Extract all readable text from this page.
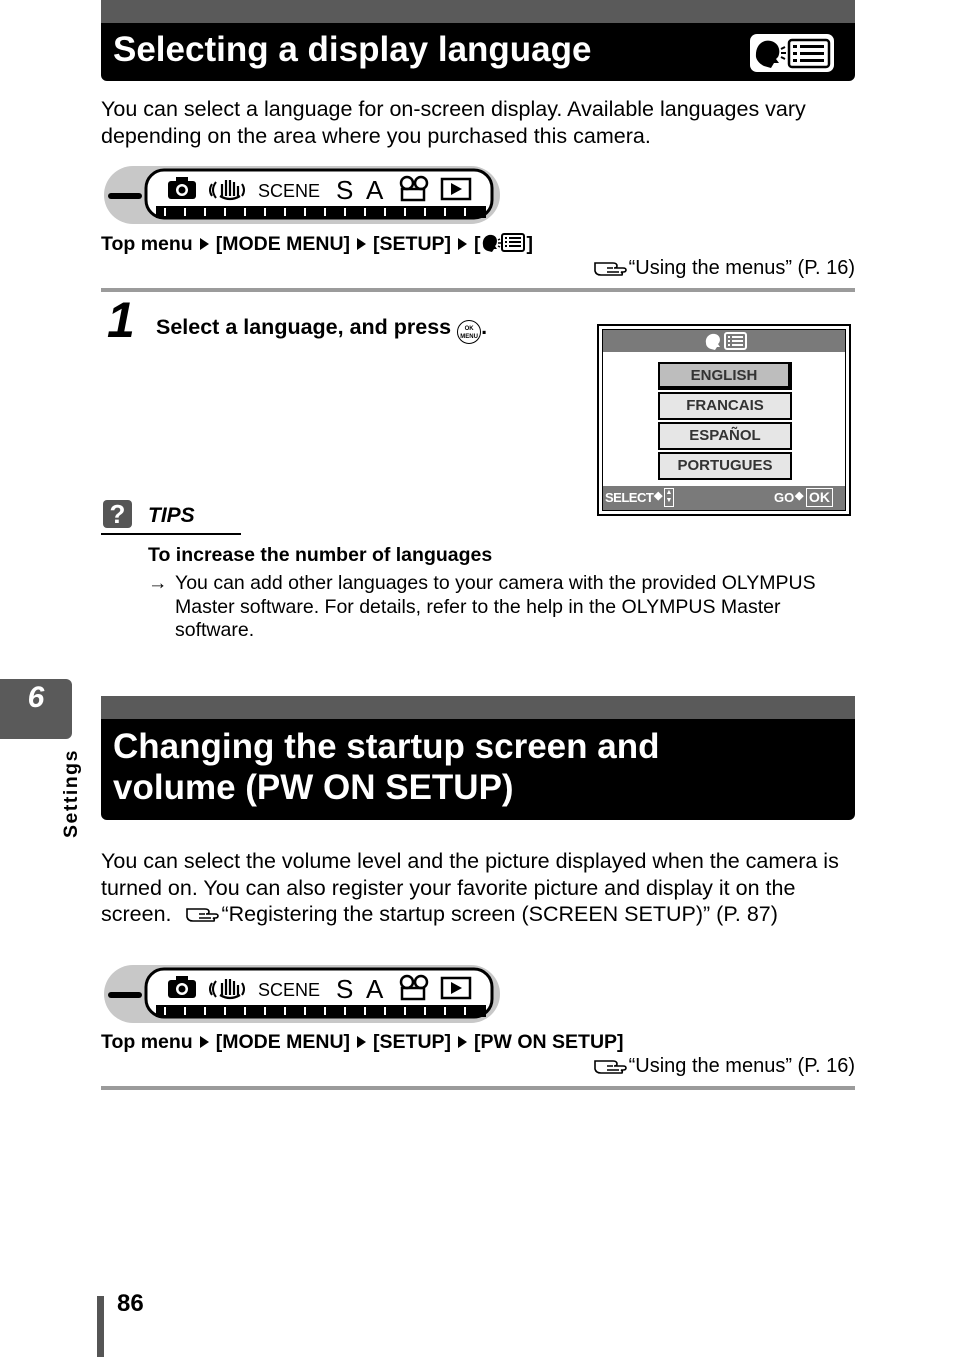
Selecting a display language

You can select a language for on-screen display. Available languages vary depending on the area where you purchased this camera.

SCENE S A
Top menu [MODE MENU] [SETUP] [ ]
“Using the menus” (P. 16)
1 Select a language, and press OK
MENU .
ENGLISH
FRANCAIS
ESPAÑOL
PORTUGUES
SELECT ◆ ▲
▼	GO ◆ OK
?	TIPS
To increase the number of languages
→ You can add other languages to your camera with the provided OLYMPUS Master software. For details, refer to the help in the OLYMPUS Master software.
6
Settings
Changing the startup screen and
volume (PW ON SETUP)
You can select the volume level and the picture displayed when the camera is turned on. You can also register your favorite picture and display it on the screen. “Registering the startup screen (SCREEN SETUP)” (P. 87)
SCENE S A
Top menu [MODE MENU] [SETUP] [PW ON SETUP]
“Using the menus” (P. 16)
86
